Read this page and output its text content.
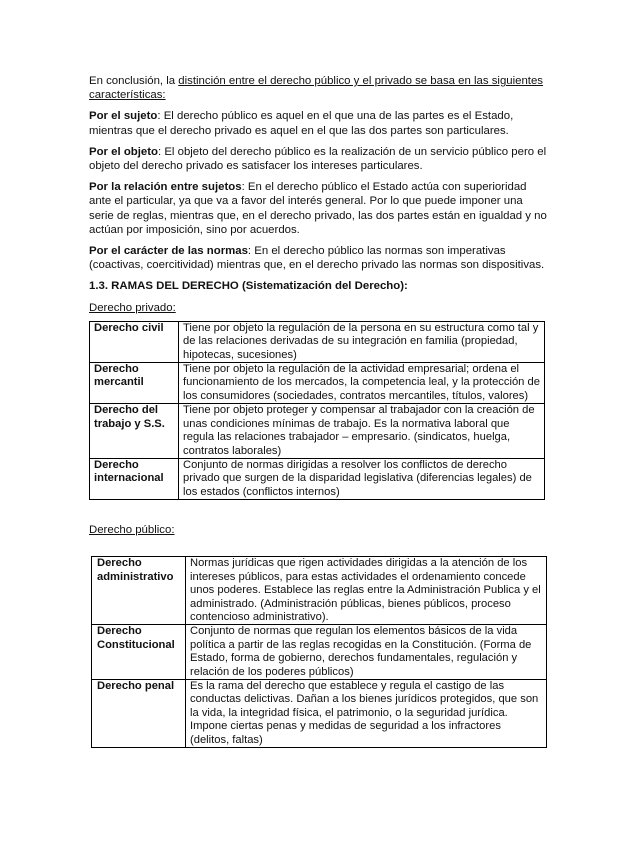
En conclusión, la distinción entre el derecho público y el privado se basa en las siguientes características:

Por el sujeto: El derecho público es aquel en el que una de las partes es el Estado, mientras que el derecho privado es aquel en el que las dos partes son particulares.

Por el objeto: El objeto del derecho público es la realización de un servicio público pero el objeto del derecho privado es satisfacer los intereses particulares.

Por la relación entre sujetos: En el derecho público el Estado actúa con superioridad ante el particular, ya que va a favor del interés general. Por lo que puede imponer una serie de reglas, mientras que, en el derecho privado, las dos partes están en igualdad y no actúan por imposición, sino por acuerdos.

Por el carácter de las normas: En el derecho público las normas son imperativas (coactivas, coercitividad) mientras que, en el derecho privado las normas son dispositivas.

1.3. RAMAS DEL DERECHO (Sistematización del Derecho):
Derecho privado:
Derecho civil	Tiene por objeto la regulación de la persona en su estructura como tal y de las relaciones derivadas de su integración en familia (propiedad, hipotecas, sucesiones)
Derecho mercantil	Tiene por objeto la regulación de la actividad empresarial; ordena el funcionamiento de los mercados, la competencia leal, y la protección de los consumidores (sociedades, contratos mercantiles, títulos, valores)
Derecho del trabajo y S.S.	Tiene por objeto proteger y compensar al trabajador con la creación de unas condiciones mínimas de trabajo. Es la normativa laboral que regula las relaciones trabajador – empresario. (sindicatos, huelga, contratos laborales)
Derecho internacional	Conjunto de normas dirigidas a resolver los conflictos de derecho privado que surgen de la disparidad legislativa (diferencias legales) de los estados (conflictos internos)
Derecho público:
Derecho administrativo	Normas jurídicas que rigen actividades dirigidas a la atención de los intereses públicos, para estas actividades el ordenamiento concede unos poderes. Establece las reglas entre la Administración Publica y el administrado. (Administración públicas, bienes públicos, proceso contencioso administrativo).
Derecho Constitucional	Conjunto de normas que regulan los elementos básicos de la vida política a partir de las reglas recogidas en la Constitución. (Forma de Estado, forma de gobierno, derechos fundamentales, regulación y relación de los poderes públicos)
Derecho penal	Es la rama del derecho que establece y regula el castigo de las conductas delictivas. Dañan a los bienes jurídicos protegidos, que son la vida, la integridad física, el patrimonio, o la seguridad jurídica. Impone ciertas penas y medidas de seguridad a los infractores (delitos, faltas)
